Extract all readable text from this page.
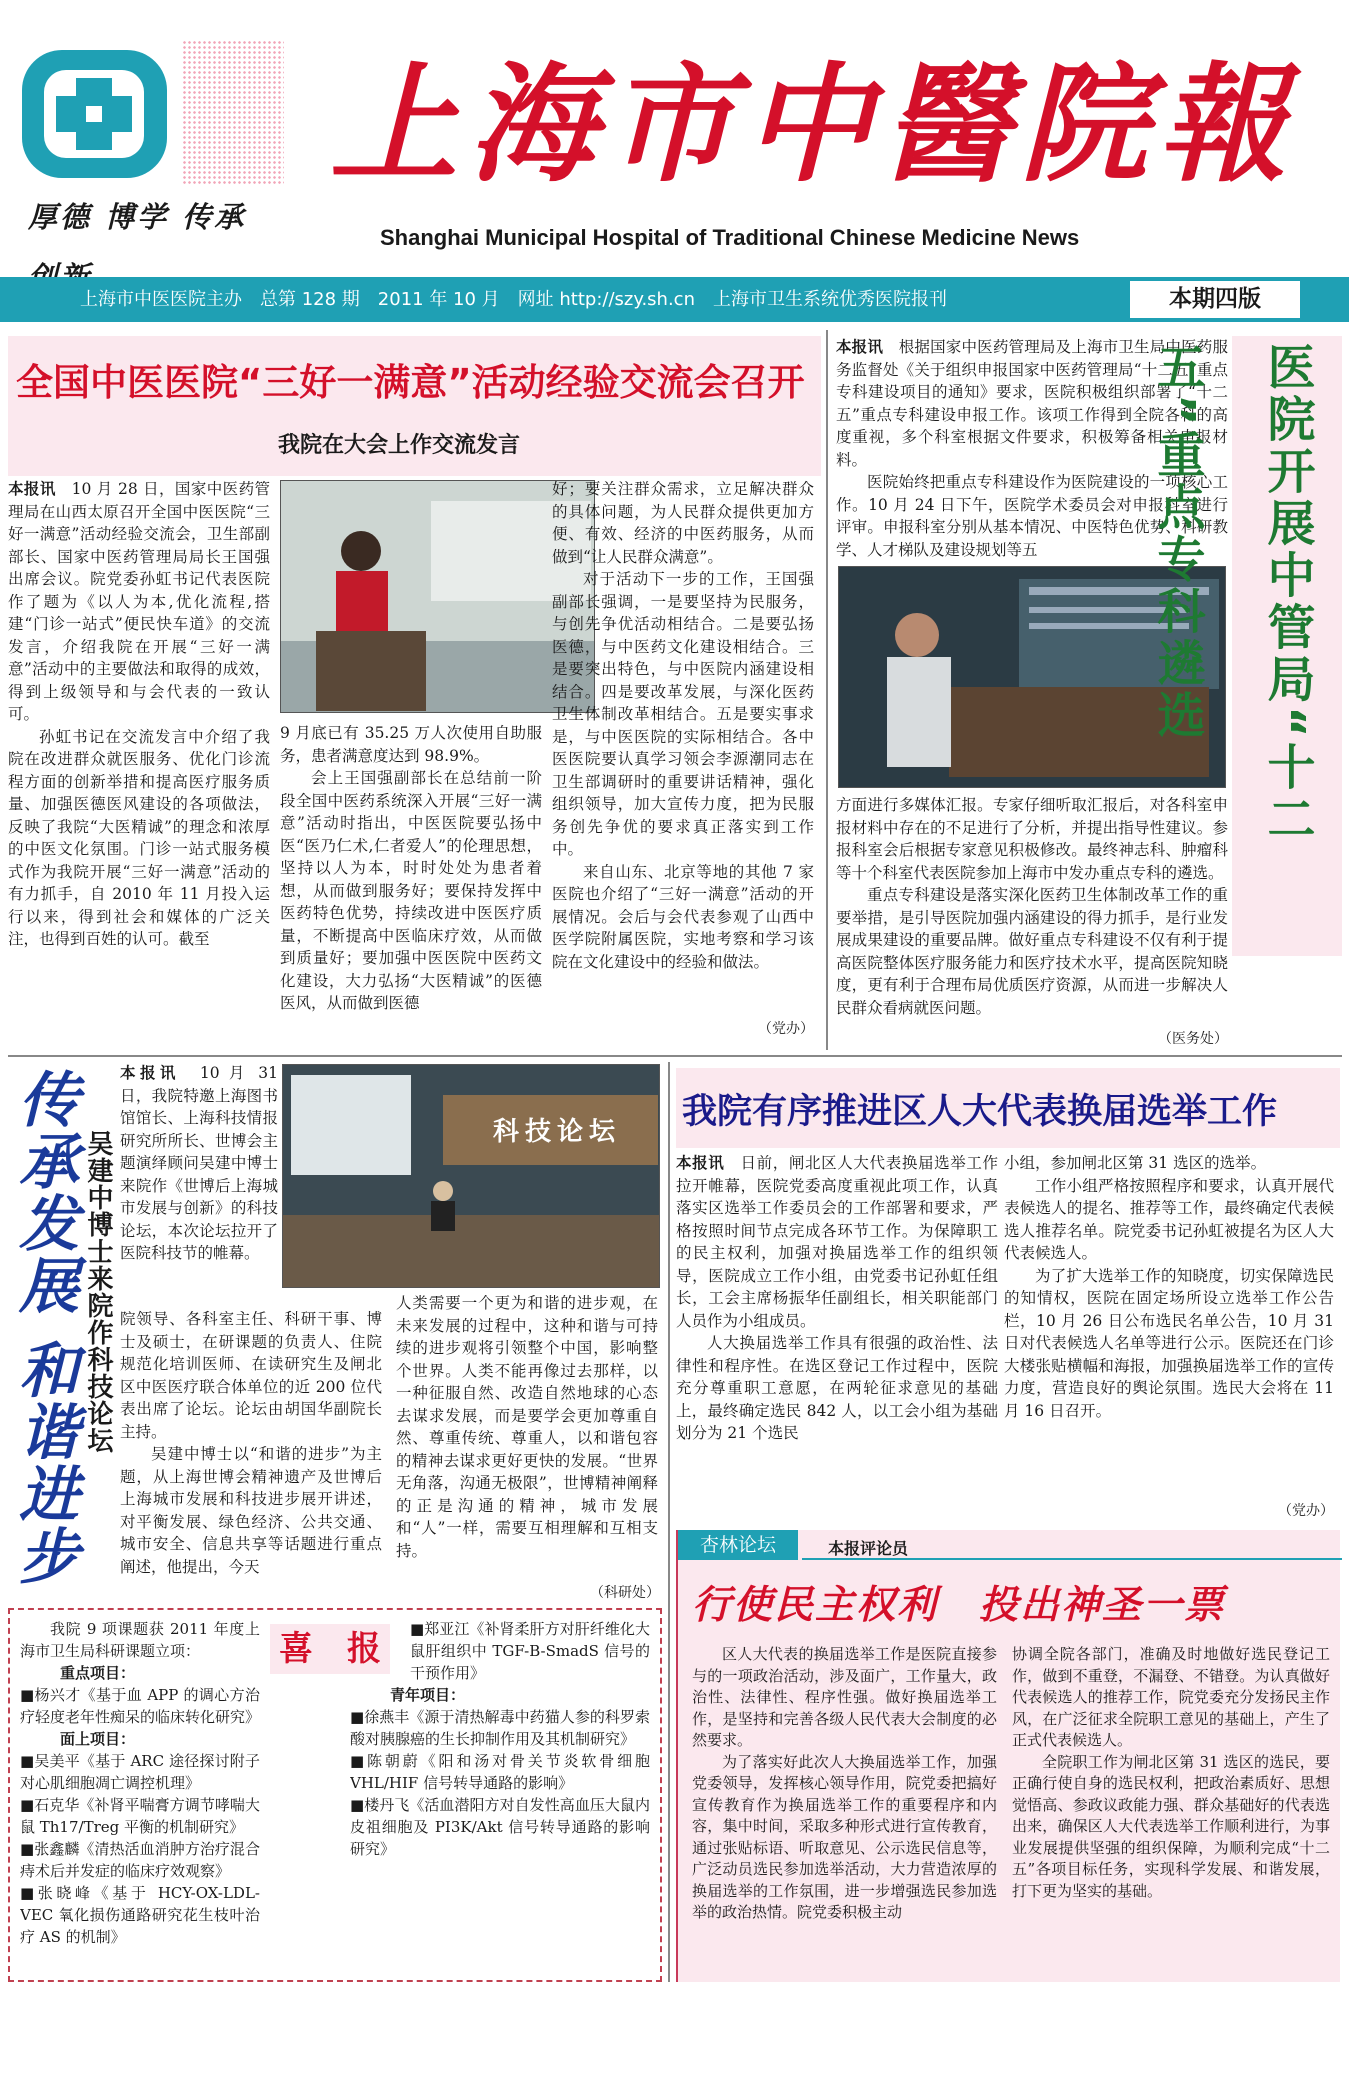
厚德 博学 传承
上海市中醫院報
Shanghai Municipal Hospital of Traditional Chinese Medicine News
上海市中医医院主办　总第 128 期　2011 年 10 月　网址 http://szy.sh.cn　上海市卫生系统优秀医院报刊	本期四版
全国中医医院“三好一满意”活动经验交流会召开
我院在大会上作交流发言

本报讯　10 月 28 日，国家中医药管理局在山西太原召开全国中医医院“三好一满意”活动经验交流会，卫生部副部长、国家中医药管理局局长王国强出席会议。院党委孙虹书记代表医院作了题为《以人为本,优化流程,搭建“门诊一站式”便民快车道》的交流发言，介绍我院在开展“三好一满意”活动中的主要做法和取得的成效，得到上级领导和与会代表的一致认可。

孙虹书记在交流发言中介绍了我院在改进群众就医服务、优化门诊流程方面的创新举措和提高医疗服务质量、加强医德医风建设的各项做法，反映了我院“大医精诚”的理念和浓厚的中医文化氛围。门诊一站式服务模式作为我院开展“三好一满意”活动的有力抓手，自 2010 年 11 月投入运行以来，得到社会和媒体的广泛关注，也得到百姓的认可。截至

9 月底已有 35.25 万人次使用自助服务，患者满意度达到 98.9%。

会上王国强副部长在总结前一阶段全国中医药系统深入开展“三好一满意”活动时指出，中医医院要弘扬中医“医乃仁术,仁者爱人”的伦理思想，坚持以人为本，时时处处为患者着想，从而做到服务好；要保持发挥中医药特色优势，持续改进中医医疗质量，不断提高中医临床疗效，从而做到质量好；要加强中医医院中医药文化建设，大力弘扬“大医精诚”的医德医风，从而做到医德

好；要关注群众需求，立足解决群众的具体问题，为人民群众提供更加方便、有效、经济的中医药服务，从而做到“让人民群众满意”。

对于活动下一步的工作，王国强副部长强调，一是要坚持为民服务，与创先争优活动相结合。二是要弘扬医德，与中医药文化建设相结合。三是要突出特色，与中医院内涵建设相结合。四是要改革发展，与深化医药卫生体制改革相结合。五是要实事求是，与中医医院的实际相结合。各中医医院要认真学习领会李源潮同志在卫生部调研时的重要讲话精神，强化组织领导，加大宣传力度，把为民服务创先争优的要求真正落实到工作中。

来自山东、北京等地的其他 7 家医院也介绍了“三好一满意”活动的开展情况。会后与会代表参观了山西中医学院附属医院，实地考察和学习该院在文化建设中的经验和做法。

（党办）

本报讯　根据国家中医药管理局及上海市卫生局中医药服务监督处《关于组织申报国家中医药管理局“十二五”重点专科建设项目的通知》要求，医院积极组织部署了“十二五”重点专科建设申报工作。该项工作得到全院各科的高度重视，多个科室根据文件要求，积极筹备相关申报材料。

医院始终把重点专科建设作为医院建设的一项核心工作。10 月 24 日下午，医院学术委员会对申报科室进行评审。申报科室分别从基本情况、中医特色优势、科研教学、人才梯队及建设规划等五

方面进行多媒体汇报。专家仔细听取汇报后，对各科室申报材料中存在的不足进行了分析，并提出指导性建议。参报科室会后根据专家意见积极修改。最终神志科、肿瘤科等十个科室代表医院参加上海市中发办重点专科的遴选。

重点专科建设是落实深化医药卫生体制改革工作的重要举措，是引导医院加强内涵建设的得力抓手，是行业发展成果建设的重要品牌。做好重点专科建设不仅有利于提高医院整体医疗服务能力和医疗技术水平，提高医院知晓度，更有利于合理布局优质医疗资源，从而进一步解决人民群众看病就医问题。

（医务处）
医院开展中管局“十二五”重点专科遴选
传承发展 和谐进步 吴建中博士来院作科技论坛

本报讯　10 月 31 日，我院特邀上海图书馆馆长、上海科技情报研究所所长、世博会主题演绎顾问吴建中博士来院作《世博后上海城市发展与创新》的科技论坛，本次论坛拉开了医院科技节的帷幕。

科技论坛

院领导、各科室主任、科研干事、博士及硕士，在研课题的负责人、住院规范化培训医师、在读研究生及闸北区中医医疗联合体单位的近 200 位代表出席了论坛。论坛由胡国华副院长主持。

吴建中博士以“和谐的进步”为主题，从上海世博会精神遗产及世博后上海城市发展和科技进步展开讲述，对平衡发展、绿色经济、公共交通、城市安全、信息共享等话题进行重点阐述，他提出，今天

人类需要一个更为和谐的进步观，在未来发展的过程中，这种和谐与可持续的进步观将引领整个中国，影响整个世界。人类不能再像过去那样，以一种征服自然、改造自然地球的心态去谋求发展，而是要学会更加尊重自然、尊重传统、尊重人，以和谐包容的精神去谋求更好更快的发展。“世界无角落，沟通无极限”，世博精神阐释的正是沟通的精神，城市发展和“人”一样，需要互相理解和互相支持。

（科研处）
我院有序推进区人大代表换届选举工作

本报讯　日前，闸北区人大代表换届选举工作拉开帷幕，医院党委高度重视此项工作，认真落实区选举工作委员会的工作部署和要求，严格按照时间节点完成各环节工作。为保障职工的民主权利，加强对换届选举工作的组织领导，医院成立工作小组，由党委书记孙虹任组长，工会主席杨振华任副组长，相关职能部门人员作为小组成员。

人大换届选举工作具有很强的政治性、法律性和程序性。在选区登记工作过程中，医院充分尊重职工意愿，在两轮征求意见的基础上，最终确定选民 842 人，以工会小组为基础划分为 21 个选民

小组，参加闸北区第 31 选区的选举。

工作小组严格按照程序和要求，认真开展代表候选人的提名、推荐等工作，最终确定代表候选人推荐名单。院党委书记孙虹被提名为区人大代表候选人。

为了扩大选举工作的知晓度，切实保障选民的知情权，医院在固定场所设立选举工作公告栏，10 月 26 日公布选民名单公告，10 月 31 日对代表候选人名单等进行公示。医院还在门诊大楼张贴横幅和海报，加强换届选举工作的宣传力度，营造良好的舆论氛围。选民大会将在 11 月 16 日召开。

（党办）
杏林论坛	本报评论员
行使民主权利　投出神圣一票

区人大代表的换届选举工作是医院直接参与的一项政治活动，涉及面广，工作量大，政治性、法律性、程序性强。做好换届选举工作，是坚持和完善各级人民代表大会制度的必然要求。

为了落实好此次人大换届选举工作，加强党委领导，发挥核心领导作用，院党委把搞好宣传教育作为换届选举工作的重要程序和内容，集中时间，采取多种形式进行宣传教育，通过张贴标语、听取意见、公示选民信息等，广泛动员选民参加选举活动，大力营造浓厚的换届选举的工作氛围，进一步增强选民参加选举的政治热情。院党委积极主动

协调全院各部门，准确及时地做好选民登记工作，做到不重登，不漏登、不错登。为认真做好代表候选人的推荐工作，院党委充分发扬民主作风，在广泛征求全院职工意见的基础上，产生了正式代表候选人。

全院职工作为闸北区第 31 选区的选民，要正确行使自身的选民权利，把政治素质好、思想觉悟高、参政议政能力强、群众基础好的代表选出来，确保区人大代表选举工作顺利进行，为事业发展提供坚强的组织保障，为顺利完成“十二五”各项目标任务，实现科学发展、和谐发展，打下更为坚实的基础。

我院 9 项课题获 2011 年度上海市卫生局科研课题立项：
重点项目：
■杨兴才《基于血 APP 的调心方治疗轻度老年性痴呆的临床转化研究》
面上项目：
■吴美平《基于 ARC 途径探讨附子对心肌细胞凋亡调控机理》
■石克华《补肾平喘膏方调节哮喘大鼠 Th17/Treg 平衡的机制研究》
■张鑫麟《清热活血消肿方治疗混合痔术后并发症的临床疗效观察》
■张晓峰《基于 HCY-OX-LDL-VEC 氧化损伤通路研究花生枝叶治疗 AS 的机制》
喜　报	■郑亚江《补肾柔肝方对肝纤维化大鼠肝组织中 TGF-B-SmadS 信号的干预作用》
青年项目：
■徐燕丰《源于清热解毒中药猫人参的科罗索酸对胰腺癌的生长抑制作用及其机制研究》
■陈朝蔚《阳和汤对骨关节炎软骨细胞 VHL/HIF 信号转导通路的影响》
■楼丹飞《活血潜阳方对自发性高血压大鼠内皮祖细胞及 PI3K/Akt 信号转导通路的影响研究》
